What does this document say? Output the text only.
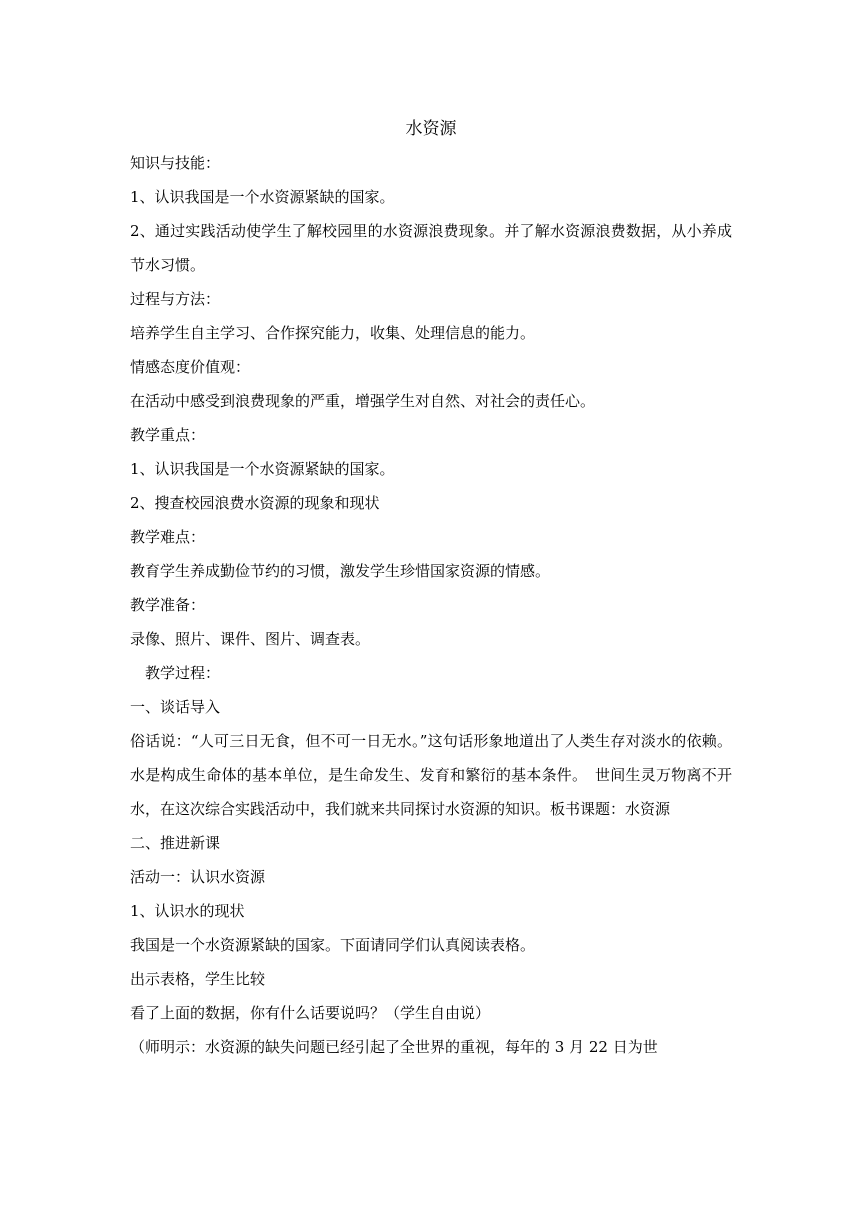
水资源

知识与技能：

1、认识我国是一个水资源紧缺的国家。

2、通过实践活动使学生了解校园里的水资源浪费现象。并了解水资源浪费数据，从小养成节水习惯。

过程与方法：

培养学生自主学习、合作探究能力，收集、处理信息的能力。

情感态度价值观：

在活动中感受到浪费现象的严重，增强学生对自然、对社会的责任心。

教学重点：

1、认识我国是一个水资源紧缺的国家。

2、搜查校园浪费水资源的现象和现状

教学难点：

教育学生养成勤俭节约的习惯，激发学生珍惜国家资源的情感。

教学准备：

录像、照片、课件、图片、调查表。

教学过程：

一、谈话导入

俗话说：“人可三日无食，但不可一日无水。”这句话形象地道出了人类生存对淡水的依赖。水是构成生命体的基本单位，是生命发生、发育和繁衍的基本条件。　世间生灵万物离不开水，在这次综合实践活动中，我们就来共同探讨水资源的知识。板书课题：水资源

二、推进新课

活动一：认识水资源

1、认识水的现状

我国是一个水资源紧缺的国家。下面请同学们认真阅读表格。

出示表格，学生比较

看了上面的数据，你有什么话要说吗？（学生自由说）

（师明示：水资源的缺失问题已经引起了全世界的重视，每年的 3 月 22 日为世
